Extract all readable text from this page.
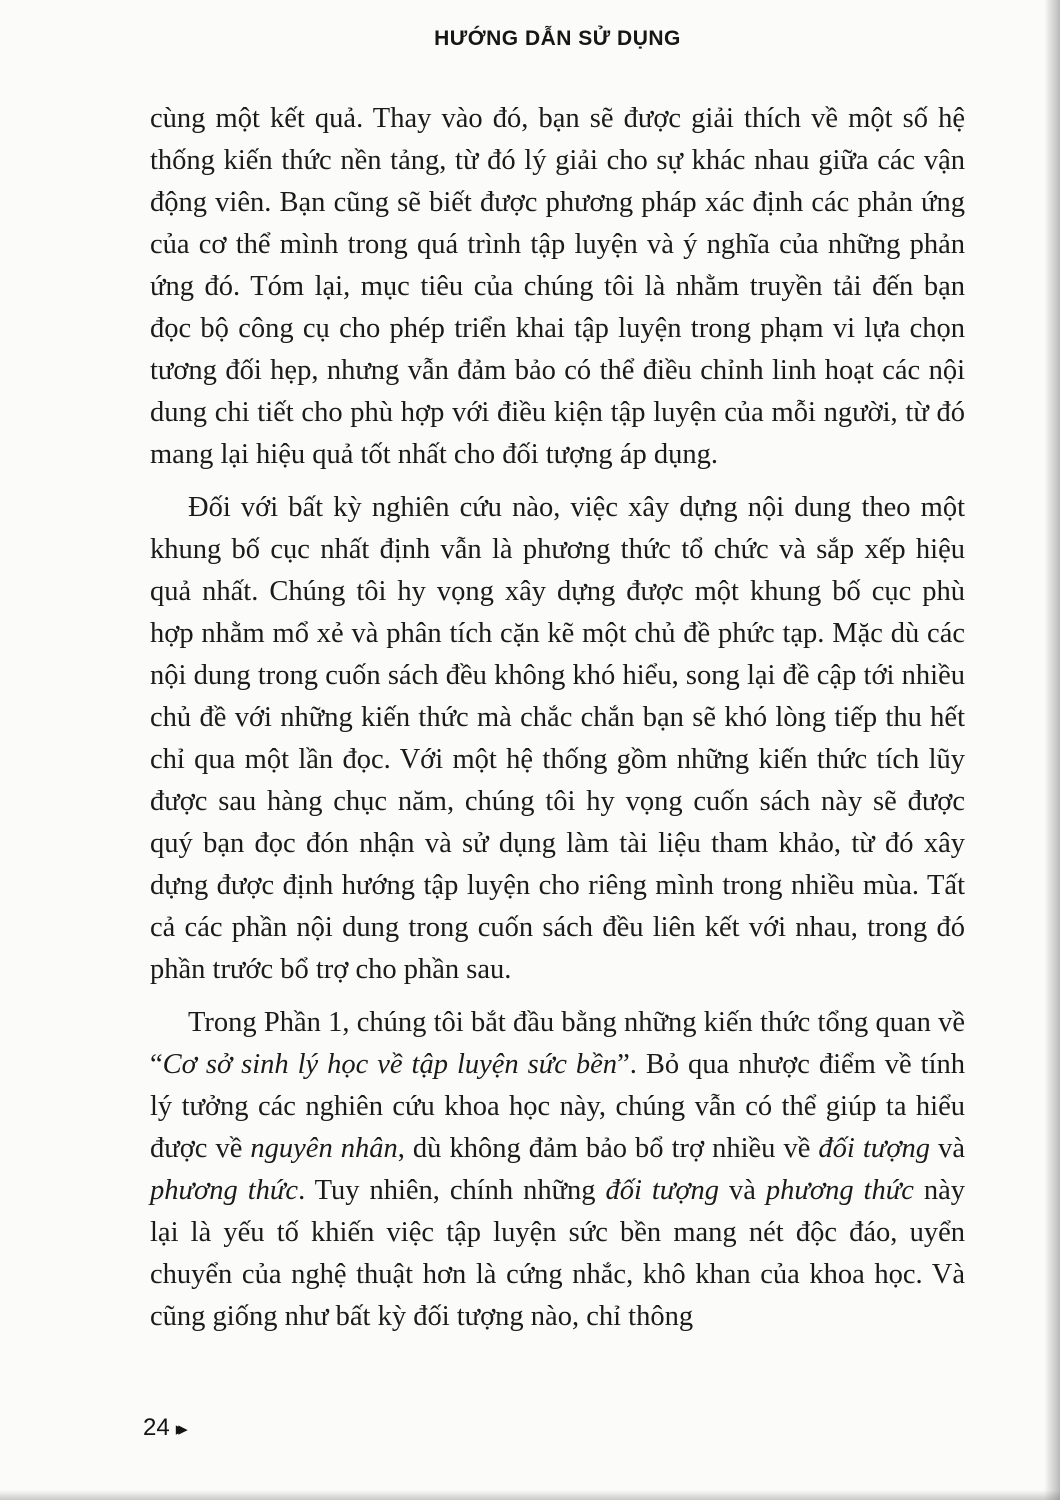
HƯỚNG DẪN SỬ DỤNG

cùng một kết quả. Thay vào đó, bạn sẽ được giải thích về một số hệ thống kiến thức nền tảng, từ đó lý giải cho sự khác nhau giữa các vận động viên. Bạn cũng sẽ biết được phương pháp xác định các phản ứng của cơ thể mình trong quá trình tập luyện và ý nghĩa của những phản ứng đó. Tóm lại, mục tiêu của chúng tôi là nhằm truyền tải đến bạn đọc bộ công cụ cho phép triển khai tập luyện trong phạm vi lựa chọn tương đối hẹp, nhưng vẫn đảm bảo có thể điều chỉnh linh hoạt các nội dung chi tiết cho phù hợp với điều kiện tập luyện của mỗi người, từ đó mang lại hiệu quả tốt nhất cho đối tượng áp dụng.

Đối với bất kỳ nghiên cứu nào, việc xây dựng nội dung theo một khung bố cục nhất định vẫn là phương thức tổ chức và sắp xếp hiệu quả nhất. Chúng tôi hy vọng xây dựng được một khung bố cục phù hợp nhằm mổ xẻ và phân tích cặn kẽ một chủ đề phức tạp. Mặc dù các nội dung trong cuốn sách đều không khó hiểu, song lại đề cập tới nhiều chủ đề với những kiến thức mà chắc chắn bạn sẽ khó lòng tiếp thu hết chỉ qua một lần đọc. Với một hệ thống gồm những kiến thức tích lũy được sau hàng chục năm, chúng tôi hy vọng cuốn sách này sẽ được quý bạn đọc đón nhận và sử dụng làm tài liệu tham khảo, từ đó xây dựng được định hướng tập luyện cho riêng mình trong nhiều mùa. Tất cả các phần nội dung trong cuốn sách đều liên kết với nhau, trong đó phần trước bổ trợ cho phần sau.

Trong Phần 1, chúng tôi bắt đầu bằng những kiến thức tổng quan về “Cơ sở sinh lý học về tập luyện sức bền”. Bỏ qua nhược điểm về tính lý tưởng các nghiên cứu khoa học này, chúng vẫn có thể giúp ta hiểu được về nguyên nhân, dù không đảm bảo bổ trợ nhiều về đối tượng và phương thức. Tuy nhiên, chính những đối tượng và phương thức này lại là yếu tố khiến việc tập luyện sức bền mang nét độc đáo, uyển chuyển của nghệ thuật hơn là cứng nhắc, khô khan của khoa học. Và cũng giống như bất kỳ đối tượng nào, chỉ thông

24 ▸▸
